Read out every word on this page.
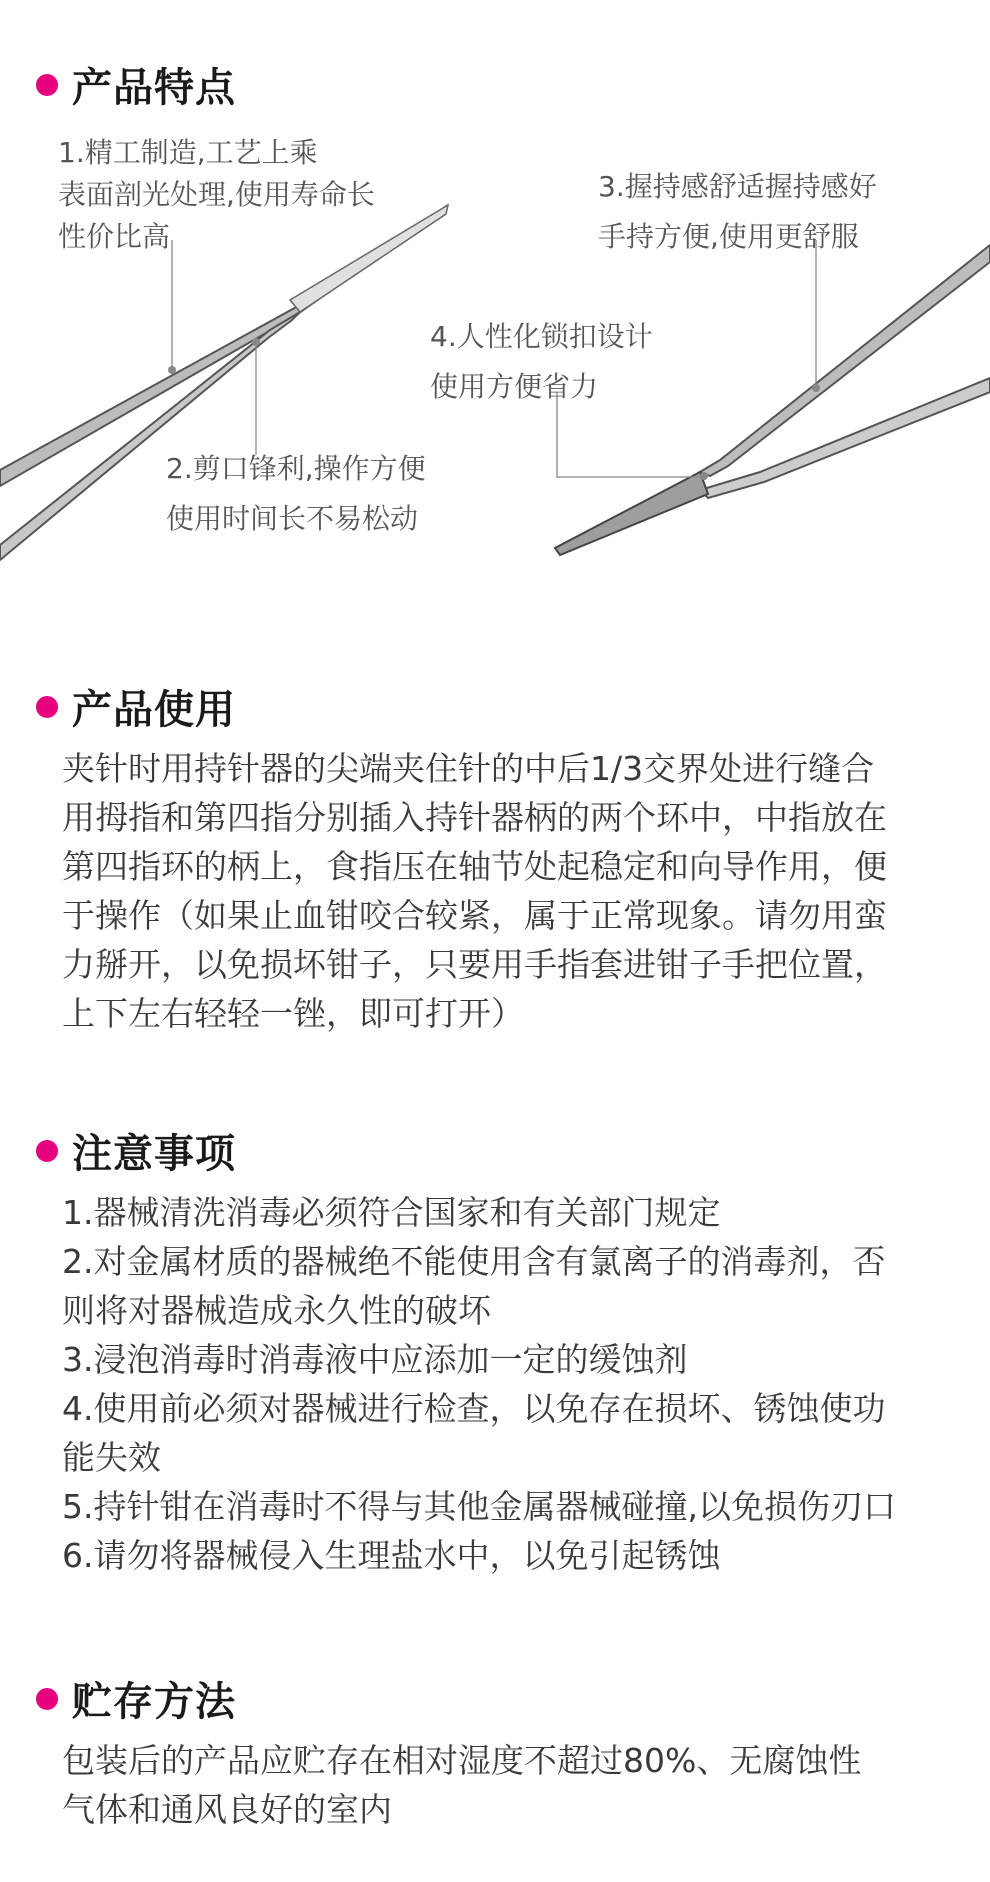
产品特点
1.精工制造,工艺上乘
表面剖光处理,使用寿命长
性价比高
2.剪口锋利,操作方便
使用时间长不易松动
3.握持感舒适握持感好
手持方便,使用更舒服
4.人性化锁扣设计
使用方便省力
产品使用
夹针时用持针器的尖端夹住针的中后1/3交界处进行缝合
用拇指和第四指分别插入持针器柄的两个环中，中指放在
第四指环的柄上，食指压在轴节处起稳定和向导作用，便
于操作（如果止血钳咬合较紧，属于正常现象。请勿用蛮
力掰开，以免损坏钳子，只要用手指套进钳子手把位置，
上下左右轻轻一锉，即可打开）
注意事项
1.器械清洗消毒必须符合国家和有关部门规定
2.对金属材质的器械绝不能使用含有氯离子的消毒剂，否
则将对器械造成永久性的破坏
3.浸泡消毒时消毒液中应添加一定的缓蚀剂
4.使用前必须对器械进行检查，以免存在损坏、锈蚀使功
能失效
5.持针钳在消毒时不得与其他金属器械碰撞,以免损伤刃口
6.请勿将器械侵入生理盐水中，以免引起锈蚀
贮存方法
包装后的产品应贮存在相对湿度不超过80%、无腐蚀性
气体和通风良好的室内
